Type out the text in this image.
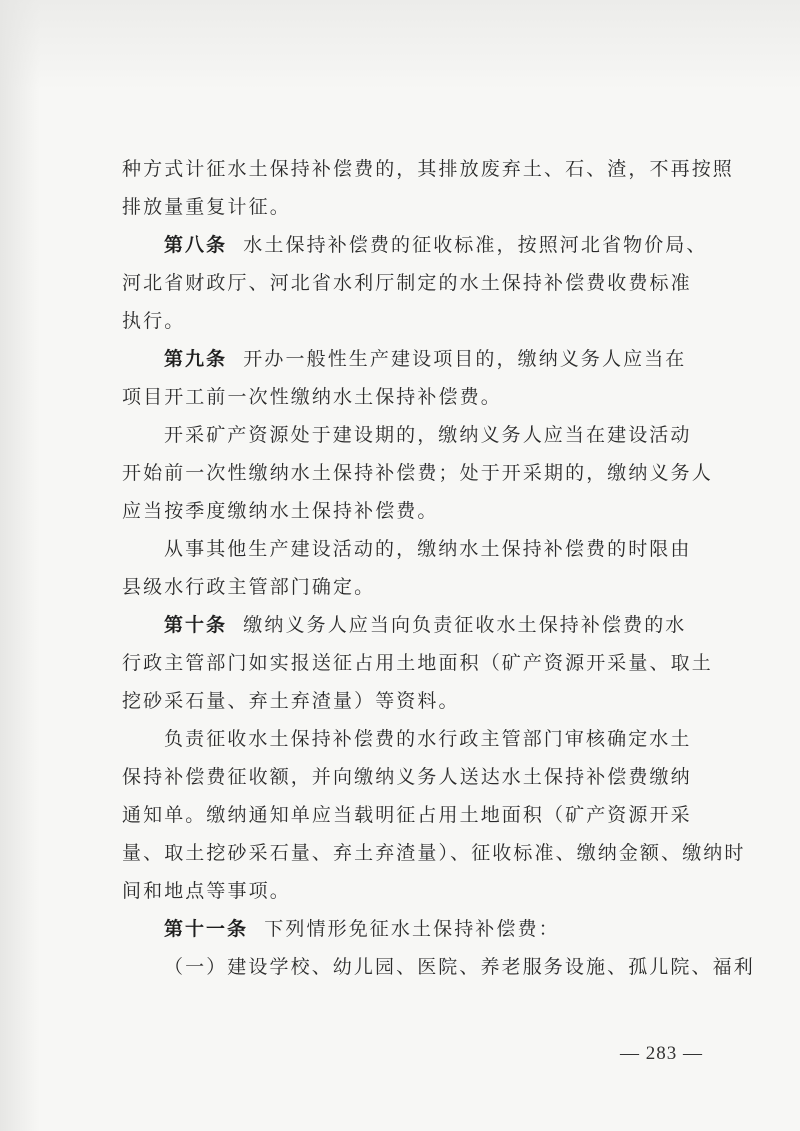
种方式计征水土保持补偿费的，其排放废弃土、石、渣，不再按照
排放量重复计征。
第八条 水土保持补偿费的征收标准，按照河北省物价局、
河北省财政厅、河北省水利厅制定的水土保持补偿费收费标准
执行。
第九条 开办一般性生产建设项目的，缴纳义务人应当在
项目开工前一次性缴纳水土保持补偿费。
开采矿产资源处于建设期的，缴纳义务人应当在建设活动
开始前一次性缴纳水土保持补偿费；处于开采期的，缴纳义务人
应当按季度缴纳水土保持补偿费。
从事其他生产建设活动的，缴纳水土保持补偿费的时限由
县级水行政主管部门确定。
第十条 缴纳义务人应当向负责征收水土保持补偿费的水
行政主管部门如实报送征占用土地面积（矿产资源开采量、取土
挖砂采石量、弃土弃渣量）等资料。
负责征收水土保持补偿费的水行政主管部门审核确定水土
保持补偿费征收额，并向缴纳义务人送达水土保持补偿费缴纳
通知单。缴纳通知单应当载明征占用土地面积（矿产资源开采
量、取土挖砂采石量、弃土弃渣量）、征收标准、缴纳金额、缴纳时
间和地点等事项。
第十一条 下列情形免征水土保持补偿费：
（一）建设学校、幼儿园、医院、养老服务设施、孤儿院、福利
— 283 —
